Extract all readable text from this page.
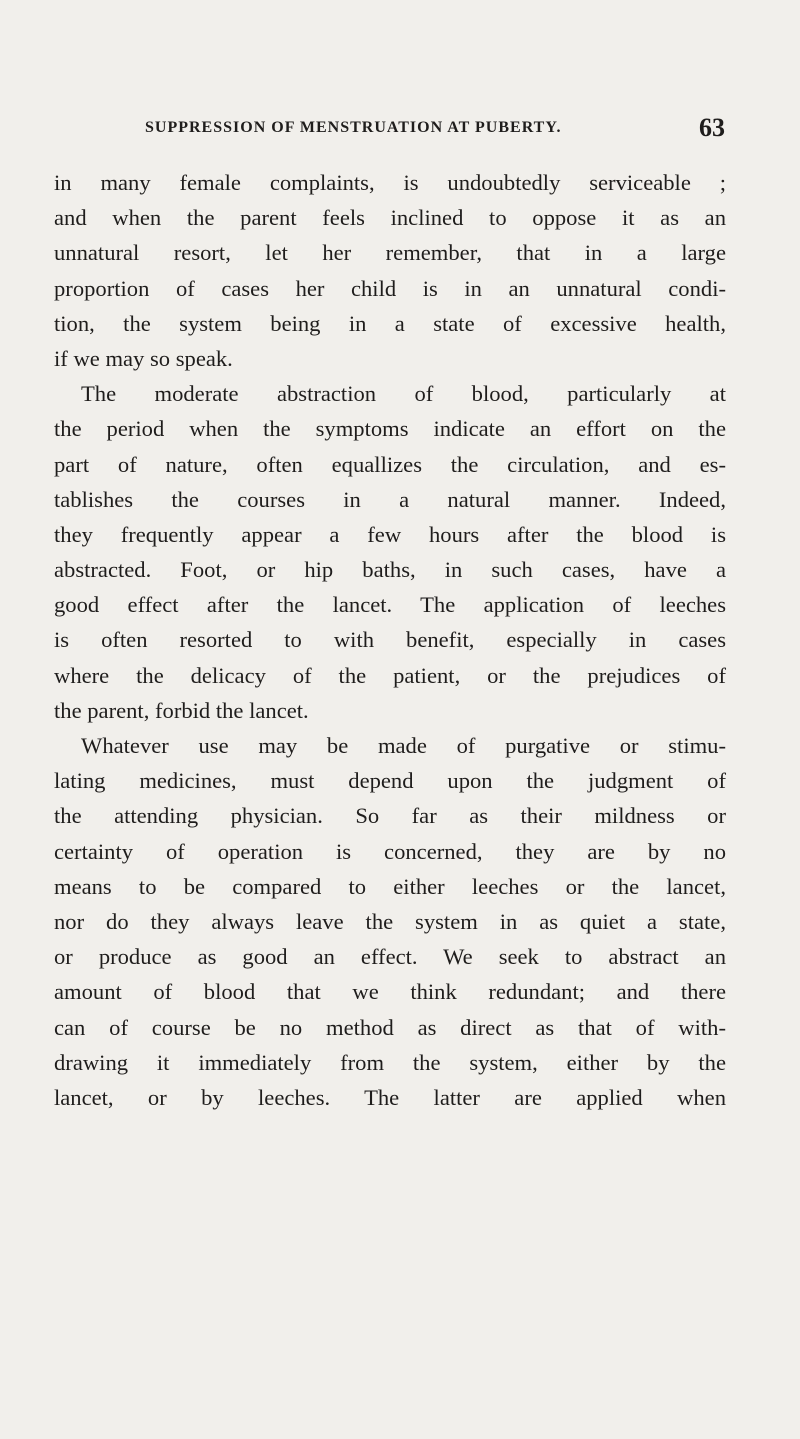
SUPPRESSION OF MENSTRUATION AT PUBERTY.	63
in many female complaints, is undoubtedly serviceable ;
and when the parent feels inclined to oppose it as an
unnatural resort, let her remember, that in a large
proportion of cases her child is in an unnatural condi-
tion, the system being in a state of excessive health,
if we may so speak.
The moderate abstraction of blood, particularly at
the period when the symptoms indicate an effort on the
part of nature, often equallizes the circulation, and es-
tablishes the courses in a natural manner. Indeed,
they frequently appear a few hours after the blood is
abstracted. Foot, or hip baths, in such cases, have a
good effect after the lancet. The application of leeches
is often resorted to with benefit, especially in cases
where the delicacy of the patient, or the prejudices of
the parent, forbid the lancet.
Whatever use may be made of purgative or stimu-
lating medicines, must depend upon the judgment of
the attending physician. So far as their mildness or
certainty of operation is concerned, they are by no
means to be compared to either leeches or the lancet,
nor do they always leave the system in as quiet a state,
or produce as good an effect. We seek to abstract an
amount of blood that we think redundant; and there
can of course be no method as direct as that of with-
drawing it immediately from the system, either by the
lancet, or by leeches. The latter are applied when
